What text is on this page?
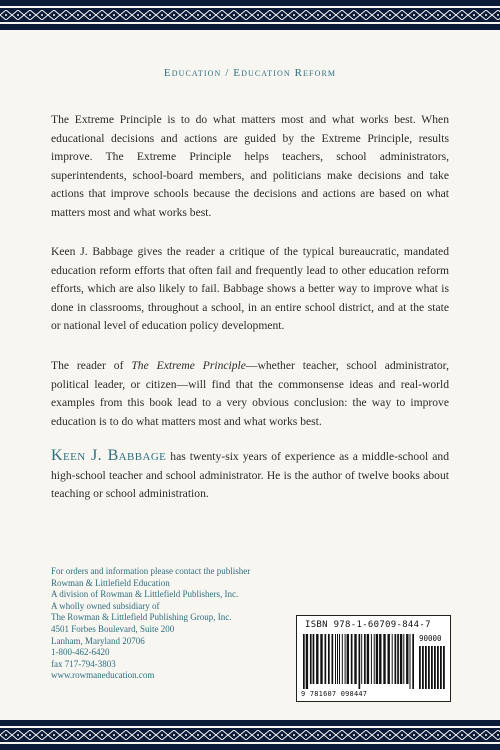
Education / Education Reform

The Extreme Principle is to do what matters most and what works best. When educational decisions and actions are guided by the Extreme Principle, results improve. The Extreme Principle helps teachers, school administrators, superintendents, school-board members, and politicians make decisions and take actions that improve schools because the decisions and actions are based on what matters most and what works best.

Keen J. Babbage gives the reader a critique of the typical bureaucratic, mandated education reform efforts that often fail and frequently lead to other education reform efforts, which are also likely to fail. Babbage shows a better way to improve what is done in classrooms, throughout a school, in an entire school district, and at the state or national level of education policy development.

The reader of The Extreme Principle—whether teacher, school administrator, political leader, or citizen—will find that the commonsense ideas and real-world examples from this book lead to a very obvious conclusion: the way to improve education is to do what matters most and what works best.

Keen J. Babbage has twenty-six years of experience as a middle-school and high-school teacher and school administrator. He is the author of twelve books about teaching or school administration.

For orders and information please contact the publisher
Rowman & Littlefield Education
A division of Rowman & Littlefield Publishers, Inc.
A wholly owned subsidiary of
The Rowman & Littlefield Publishing Group, Inc.
4501 Forbes Boulevard, Suite 200
Lanham, Maryland 20706
1-800-462-6420
fax 717-794-3803
www.rowmaneducation.com
ISBN 978-1-60709-844-7
90000
9 781607 098447
